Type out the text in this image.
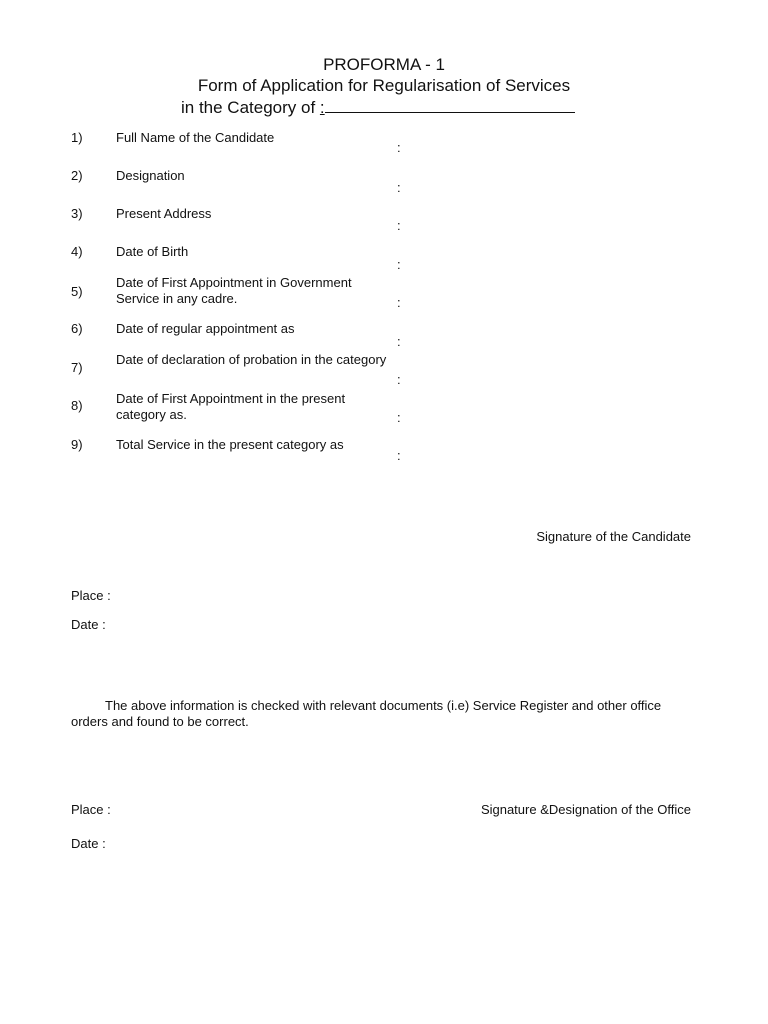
PROFORMA - 1
Form of Application for Regularisation of Services
in the Category of :
1)	Full Name of the Candidate
:
2)	Designation
:
3)	Present Address
:
4)	Date of Birth
:
5)
Date of First Appointment in Government Service in any cadre.	:
6)	Date of regular appointment as
:
7)
Date of declaration of probation in the category
:
8)	Date of First Appointment in the present category as.	:
9)	Total Service in the present category as
:
Signature of the Candidate
Place :
Date :
The above information is checked with relevant documents (i.e) Service Register and other office orders and found to be correct.
Place :	Signature &Designation of the Office
Date :
